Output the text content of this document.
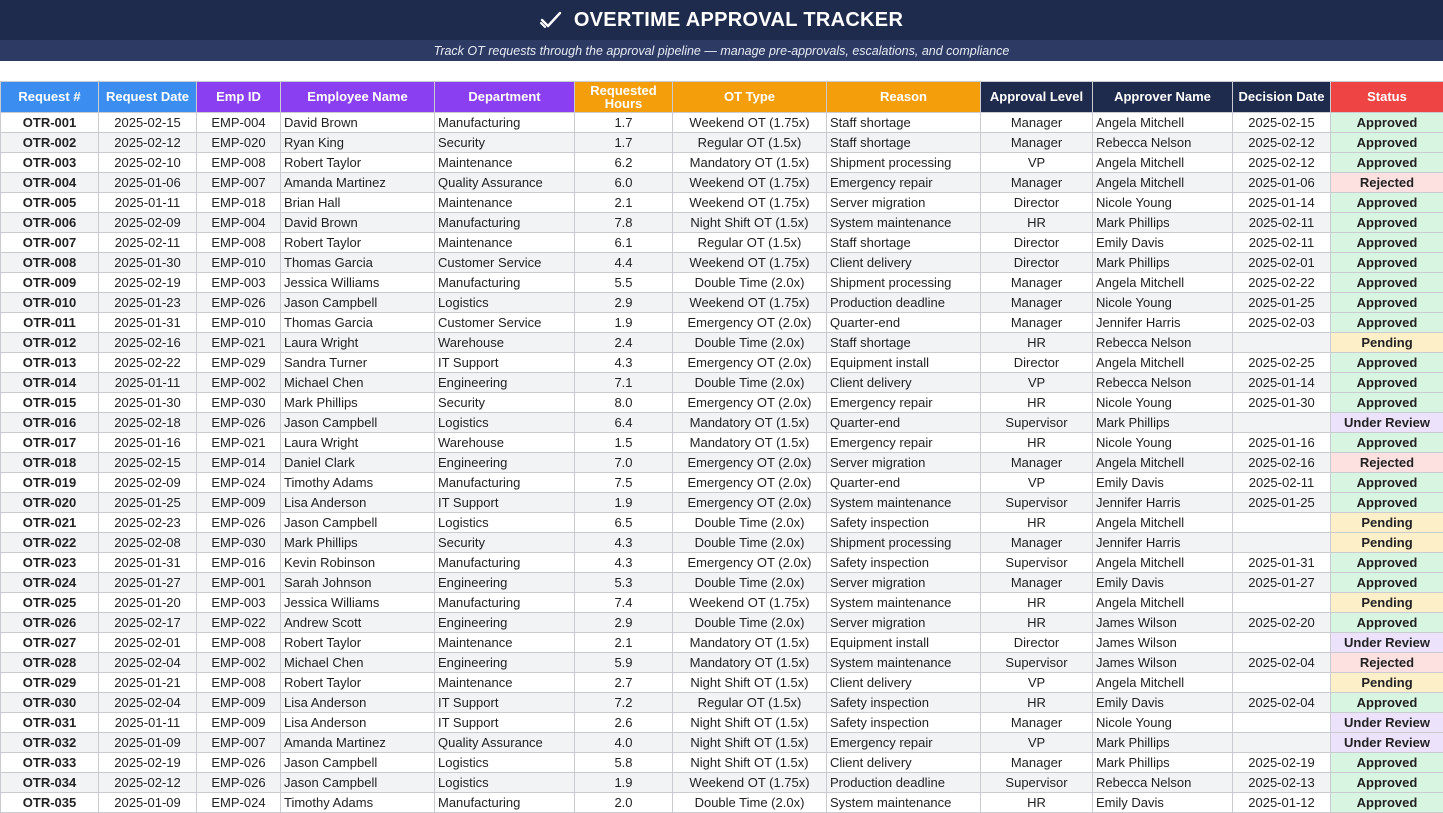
OVERTIME APPROVAL TRACKER
Track OT requests through the approval pipeline — manage pre-approvals, escalations, and compliance
Request #	Request Date	Emp ID	Employee Name	Department	Requested Hours	OT Type	Reason	Approval Level	Approver Name	Decision Date	Status
OTR-001	2025-02-15	EMP-004	David Brown	Manufacturing	1.7	Weekend OT (1.75x)	Staff shortage	Manager	Angela Mitchell	2025-02-15	Approved
OTR-002	2025-02-12	EMP-020	Ryan King	Security	1.7	Regular OT (1.5x)	Staff shortage	Manager	Rebecca Nelson	2025-02-12	Approved
OTR-003	2025-02-10	EMP-008	Robert Taylor	Maintenance	6.2	Mandatory OT (1.5x)	Shipment processing	VP	Angela Mitchell	2025-02-12	Approved
OTR-004	2025-01-06	EMP-007	Amanda Martinez	Quality Assurance	6.0	Weekend OT (1.75x)	Emergency repair	Manager	Angela Mitchell	2025-01-06	Rejected
OTR-005	2025-01-11	EMP-018	Brian Hall	Maintenance	2.1	Weekend OT (1.75x)	Server migration	Director	Nicole Young	2025-01-14	Approved
OTR-006	2025-02-09	EMP-004	David Brown	Manufacturing	7.8	Night Shift OT (1.5x)	System maintenance	HR	Mark Phillips	2025-02-11	Approved
OTR-007	2025-02-11	EMP-008	Robert Taylor	Maintenance	6.1	Regular OT (1.5x)	Staff shortage	Director	Emily Davis	2025-02-11	Approved
OTR-008	2025-01-30	EMP-010	Thomas Garcia	Customer Service	4.4	Weekend OT (1.75x)	Client delivery	Director	Mark Phillips	2025-02-01	Approved
OTR-009	2025-02-19	EMP-003	Jessica Williams	Manufacturing	5.5	Double Time (2.0x)	Shipment processing	Manager	Angela Mitchell	2025-02-22	Approved
OTR-010	2025-01-23	EMP-026	Jason Campbell	Logistics	2.9	Weekend OT (1.75x)	Production deadline	Manager	Nicole Young	2025-01-25	Approved
OTR-011	2025-01-31	EMP-010	Thomas Garcia	Customer Service	1.9	Emergency OT (2.0x)	Quarter-end	Manager	Jennifer Harris	2025-02-03	Approved
OTR-012	2025-02-16	EMP-021	Laura Wright	Warehouse	2.4	Double Time (2.0x)	Staff shortage	HR	Rebecca Nelson		Pending
OTR-013	2025-02-22	EMP-029	Sandra Turner	IT Support	4.3	Emergency OT (2.0x)	Equipment install	Director	Angela Mitchell	2025-02-25	Approved
OTR-014	2025-01-11	EMP-002	Michael Chen	Engineering	7.1	Double Time (2.0x)	Client delivery	VP	Rebecca Nelson	2025-01-14	Approved
OTR-015	2025-01-30	EMP-030	Mark Phillips	Security	8.0	Emergency OT (2.0x)	Emergency repair	HR	Nicole Young	2025-01-30	Approved
OTR-016	2025-02-18	EMP-026	Jason Campbell	Logistics	6.4	Mandatory OT (1.5x)	Quarter-end	Supervisor	Mark Phillips		Under Review
OTR-017	2025-01-16	EMP-021	Laura Wright	Warehouse	1.5	Mandatory OT (1.5x)	Emergency repair	HR	Nicole Young	2025-01-16	Approved
OTR-018	2025-02-15	EMP-014	Daniel Clark	Engineering	7.0	Emergency OT (2.0x)	Server migration	Manager	Angela Mitchell	2025-02-16	Rejected
OTR-019	2025-02-09	EMP-024	Timothy Adams	Manufacturing	7.5	Emergency OT (2.0x)	Quarter-end	VP	Emily Davis	2025-02-11	Approved
OTR-020	2025-01-25	EMP-009	Lisa Anderson	IT Support	1.9	Emergency OT (2.0x)	System maintenance	Supervisor	Jennifer Harris	2025-01-25	Approved
OTR-021	2025-02-23	EMP-026	Jason Campbell	Logistics	6.5	Double Time (2.0x)	Safety inspection	HR	Angela Mitchell		Pending
OTR-022	2025-02-08	EMP-030	Mark Phillips	Security	4.3	Double Time (2.0x)	Shipment processing	Manager	Jennifer Harris		Pending
OTR-023	2025-01-31	EMP-016	Kevin Robinson	Manufacturing	4.3	Emergency OT (2.0x)	Safety inspection	Supervisor	Angela Mitchell	2025-01-31	Approved
OTR-024	2025-01-27	EMP-001	Sarah Johnson	Engineering	5.3	Double Time (2.0x)	Server migration	Manager	Emily Davis	2025-01-27	Approved
OTR-025	2025-01-20	EMP-003	Jessica Williams	Manufacturing	7.4	Weekend OT (1.75x)	System maintenance	HR	Angela Mitchell		Pending
OTR-026	2025-02-17	EMP-022	Andrew Scott	Engineering	2.9	Double Time (2.0x)	Server migration	HR	James Wilson	2025-02-20	Approved
OTR-027	2025-02-01	EMP-008	Robert Taylor	Maintenance	2.1	Mandatory OT (1.5x)	Equipment install	Director	James Wilson		Under Review
OTR-028	2025-02-04	EMP-002	Michael Chen	Engineering	5.9	Mandatory OT (1.5x)	System maintenance	Supervisor	James Wilson	2025-02-04	Rejected
OTR-029	2025-01-21	EMP-008	Robert Taylor	Maintenance	2.7	Night Shift OT (1.5x)	Client delivery	VP	Angela Mitchell		Pending
OTR-030	2025-02-04	EMP-009	Lisa Anderson	IT Support	7.2	Regular OT (1.5x)	Safety inspection	HR	Emily Davis	2025-02-04	Approved
OTR-031	2025-01-11	EMP-009	Lisa Anderson	IT Support	2.6	Night Shift OT (1.5x)	Safety inspection	Manager	Nicole Young		Under Review
OTR-032	2025-01-09	EMP-007	Amanda Martinez	Quality Assurance	4.0	Night Shift OT (1.5x)	Emergency repair	VP	Mark Phillips		Under Review
OTR-033	2025-02-19	EMP-026	Jason Campbell	Logistics	5.8	Night Shift OT (1.5x)	Client delivery	Manager	Mark Phillips	2025-02-19	Approved
OTR-034	2025-02-12	EMP-026	Jason Campbell	Logistics	1.9	Weekend OT (1.75x)	Production deadline	Supervisor	Rebecca Nelson	2025-02-13	Approved
OTR-035	2025-01-09	EMP-024	Timothy Adams	Manufacturing	2.0	Double Time (2.0x)	System maintenance	HR	Emily Davis	2025-01-12	Approved
